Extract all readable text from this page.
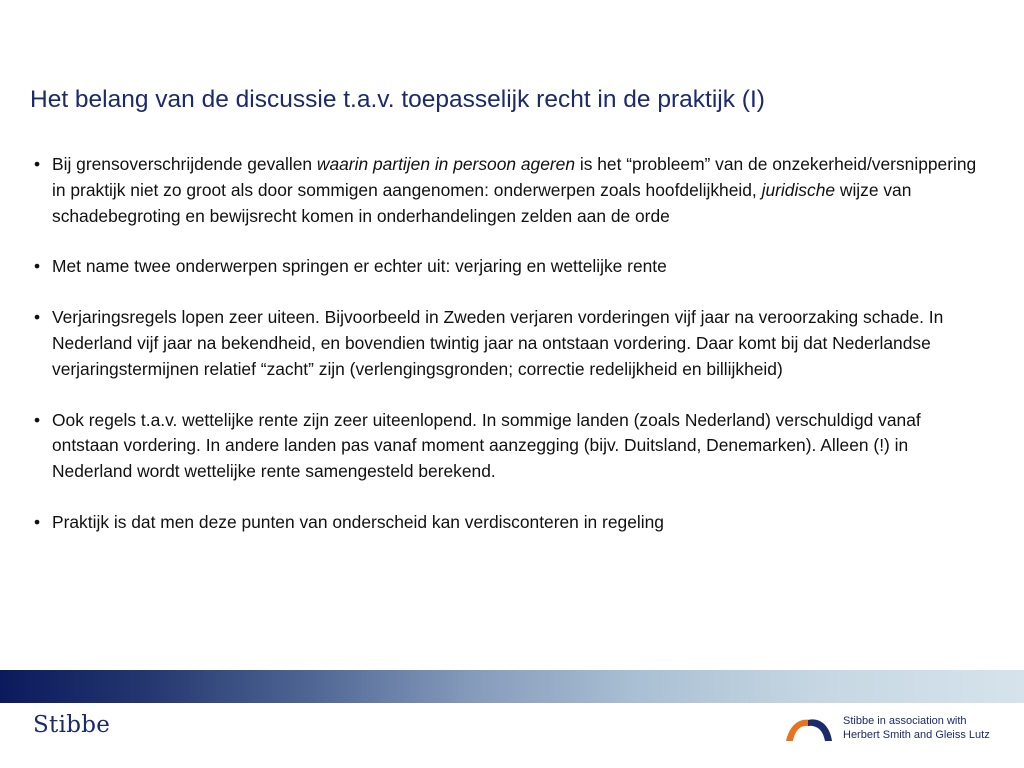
Het belang van de discussie t.a.v. toepasselijk recht in de praktijk (I)
• Bij grensoverschrijdende gevallen waarin partijen in persoon ageren is het “probleem” van de onzekerheid/versnippering in praktijk niet zo groot als door sommigen aangenomen: onderwerpen zoals hoofdelijkheid, juridische wijze van schadebegroting en bewijsrecht komen in onderhandelingen zelden aan de orde
• Met name twee onderwerpen springen er echter uit: verjaring en wettelijke rente
• Verjaringsregels lopen zeer uiteen. Bijvoorbeeld in Zweden verjaren vorderingen vijf jaar na veroorzaking schade. In Nederland vijf jaar na bekendheid, en bovendien twintig jaar na ontstaan vordering. Daar komt bij dat Nederlandse verjaringstermijnen relatief “zacht” zijn (verlengingsgronden; correctie redelijkheid en billijkheid)
• Ook regels t.a.v. wettelijke rente zijn zeer uiteenlopend. In sommige landen (zoals Nederland) verschuldigd vanaf ontstaan vordering. In andere landen pas vanaf moment aanzegging (bijv. Duitsland, Denemarken). Alleen (!) in Nederland wordt wettelijke rente samengesteld berekend.
• Praktijk is dat men deze punten van onderscheid kan verdisconteren in regeling
Stibbe	Stibbe in association with
Herbert Smith and Gleiss Lutz
